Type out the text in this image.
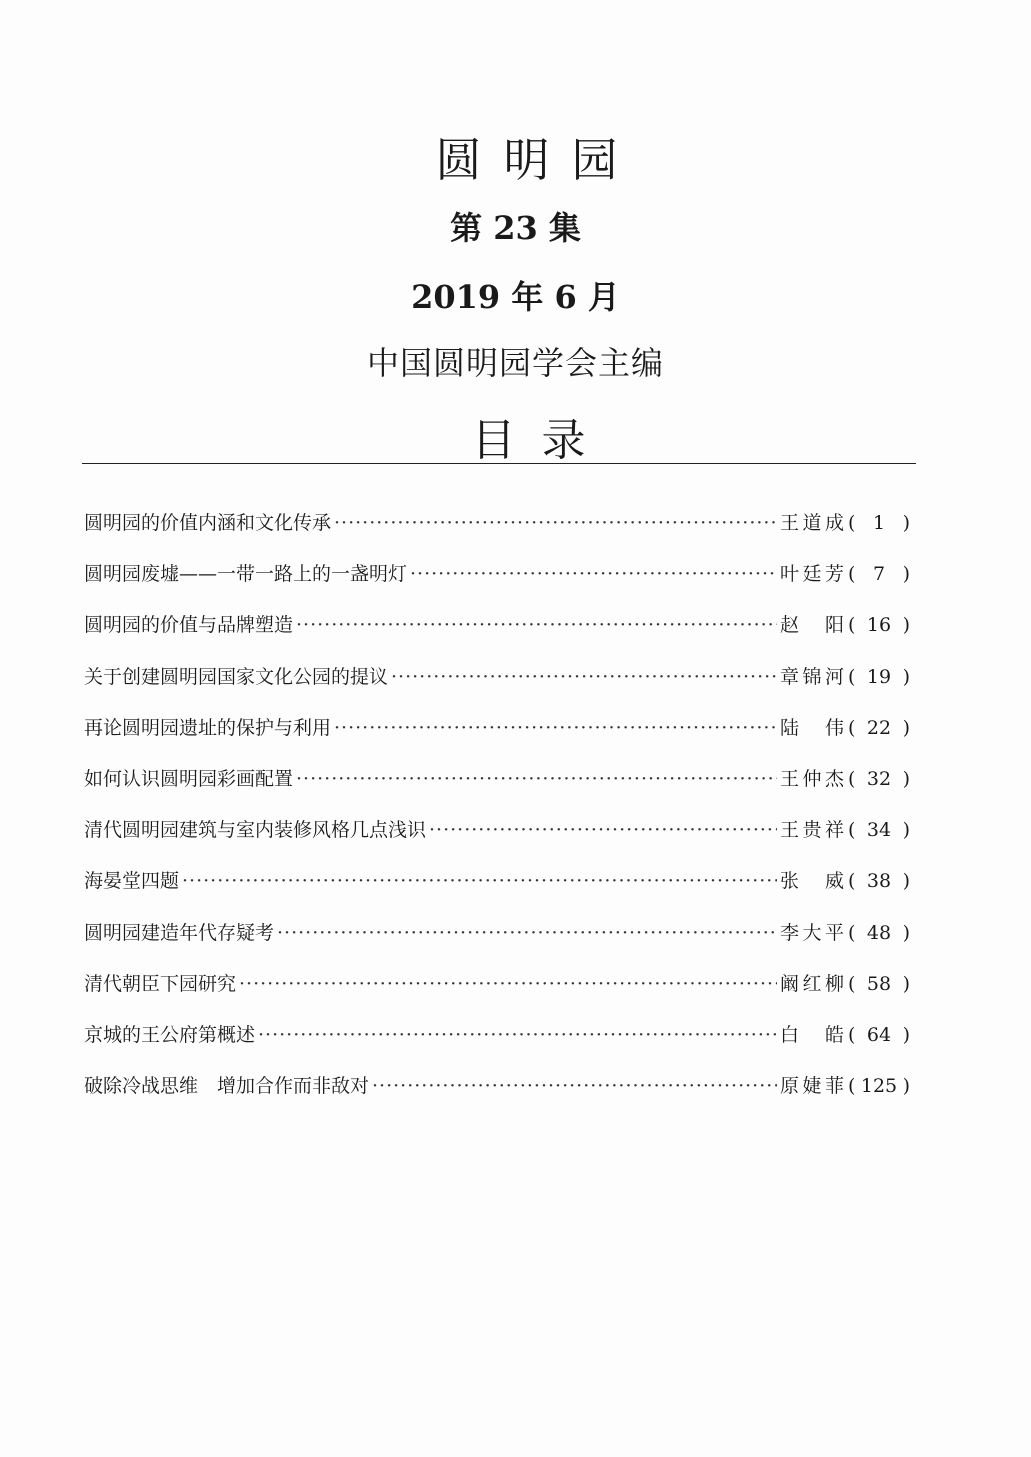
圆明园
第 23 集
2019 年 6 月
中国圆明园学会主编
目录
圆明园的价值内涵和文化传承 ·····	王道成 ( 1 )
圆明园废墟——一带一路上的一盏明灯 ·····	叶廷芳 ( 7 )
圆明园的价值与品牌塑造 ·····	赵　阳 ( 16 )
关于创建圆明园国家文化公园的提议 ·····	章锦河 ( 19 )
再论圆明园遗址的保护与利用 ·····	陆　伟 ( 22 )
如何认识圆明园彩画配置 ·····	王仲杰 ( 32 )
清代圆明园建筑与室内装修风格几点浅识 ·····	王贵祥 ( 34 )
海晏堂四题 ·····	张　威 ( 38 )
圆明园建造年代存疑考 ·····	李大平 ( 48 )
清代朝臣下园研究 ·····	阚红柳 ( 58 )
京城的王公府第概述 ·····	白　皓 ( 64 )
破除冷战思维　增加合作而非敌对 ·····	原婕菲 ( 125 )
